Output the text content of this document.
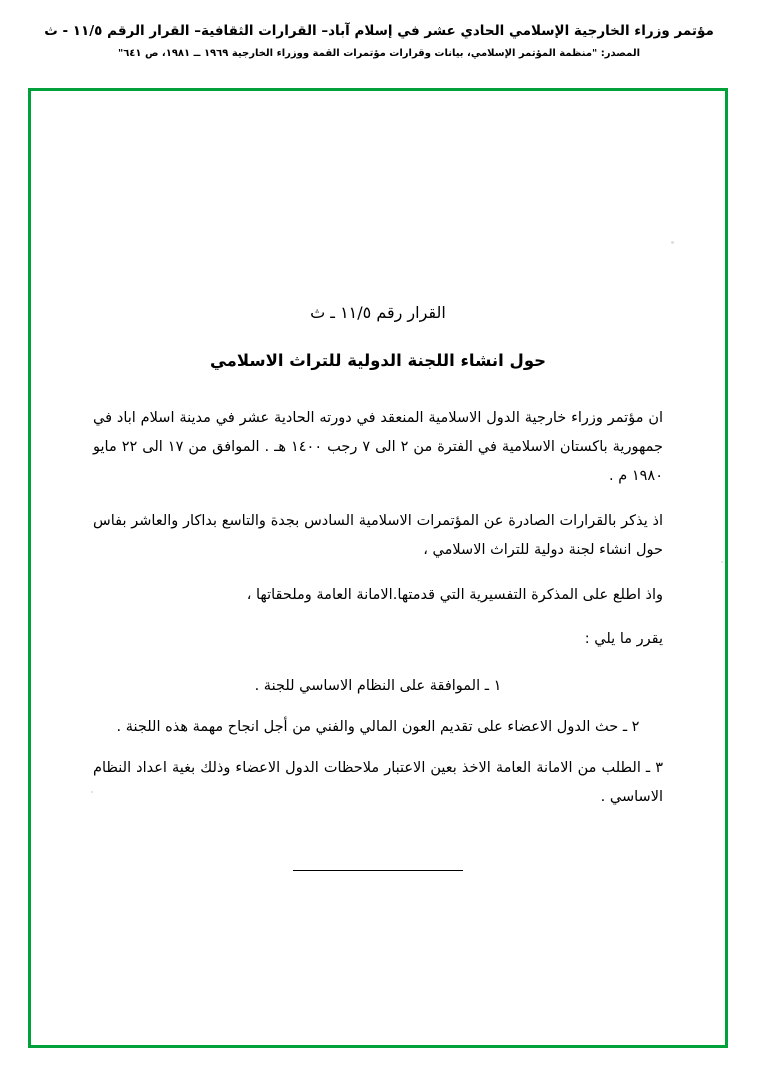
مؤتمر وزراء الخارجية الإسلامي الحادي عشر في إسلام آباد– القرارات الثقافية– القرار الرقم ١١/٥ - ث
المصدر: "منظمة المؤتمر الإسلامي، بيانات وقرارات مؤتمرات القمة ووزراء الخارجية ١٩٦٩ ــ ١٩٨١، ص ٦٤١"
القرار رقم ١١/٥ ـ ث
حول انشاء اللجنة الدولية للتراث الاسلامي

ان مؤتمر وزراء خارجية الدول الاسلامية المنعقد في دورته الحادية عشر في مدينة اسلام اباد في جمهورية باكستان الاسلامية في الفترة من ٢ الى ٧ رجب ١٤٠٠ هـ . الموافق من ١٧ الى ٢٢ مايو ١٩٨٠ م .

اذ يذكر بالقرارات الصادرة عن المؤتمرات الاسلامية السادس بجدة والتاسع بداكار والعاشر بفاس حول انشاء لجنة دولية للتراث الاسلامي ،

واذ اطلع على المذكرة التفسيرية التي قدمتها.الامانة العامة وملحقاتها ،

يقرر ما يلي :

١ ـ الموافقة على النظام الاساسي للجنة .
٢ ـ حث الدول الاعضاء على تقديم العون المالي والفني من أجل انجاح مهمة هذه اللجنة .
٣ ـ الطلب من الامانة العامة الاخذ بعين الاعتبار ملاحظات الدول الاعضاء وذلك بغية اعداد النظام الاساسي .
